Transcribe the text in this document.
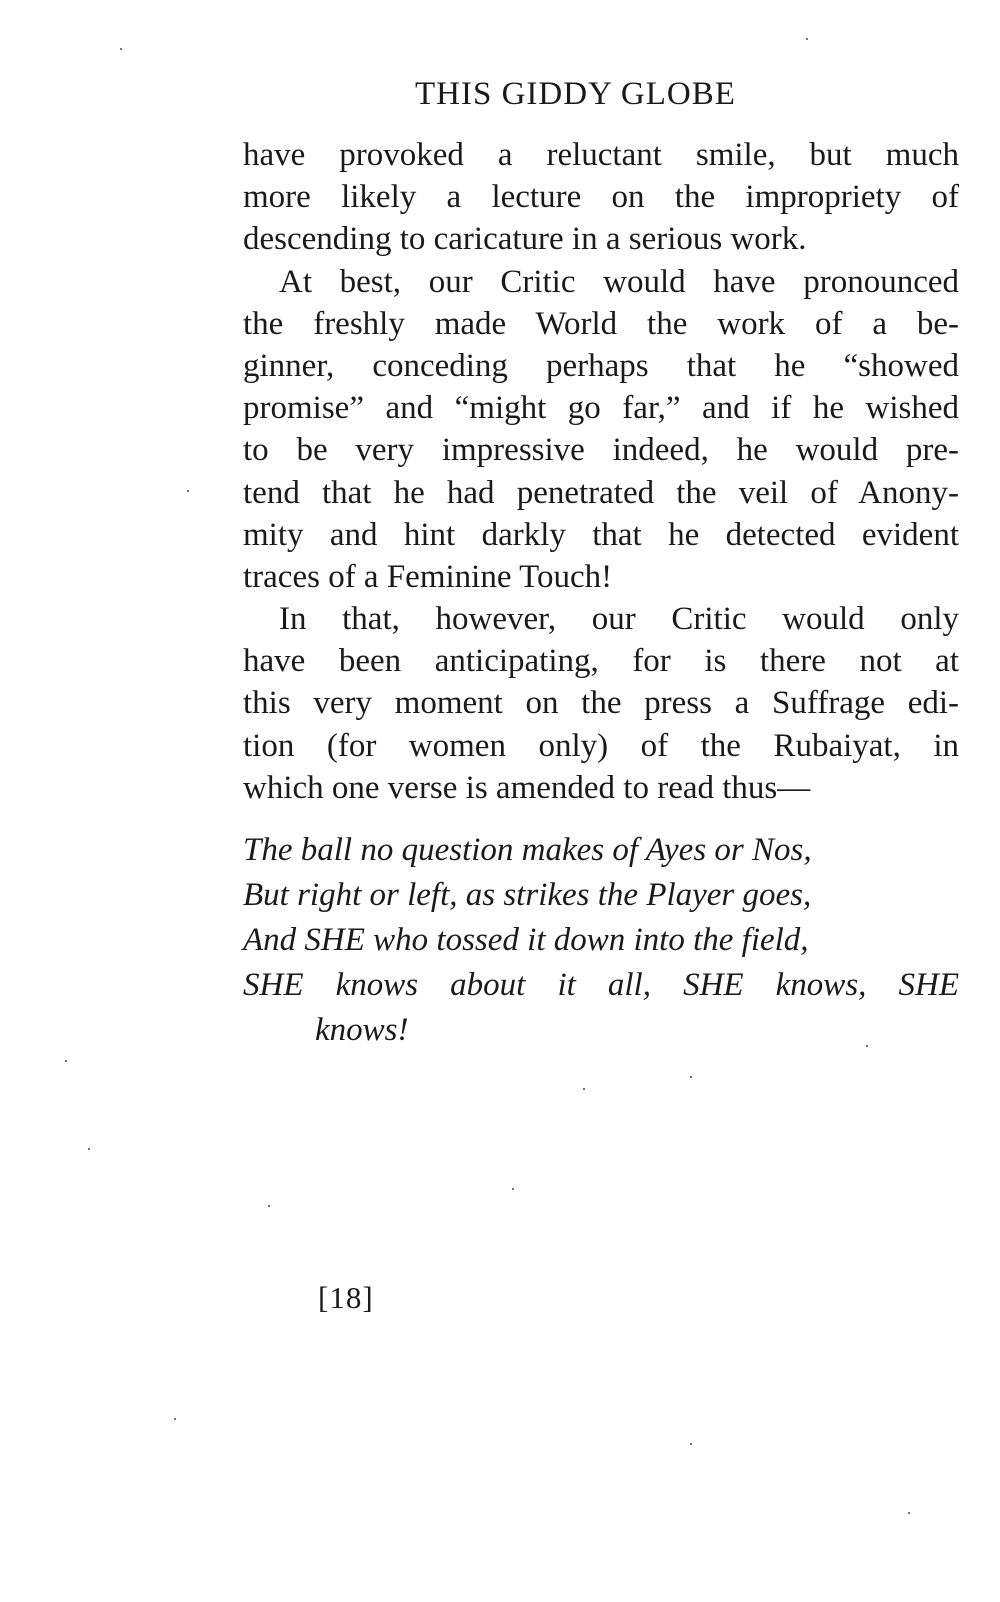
THIS GIDDY GLOBE
have provoked a reluctant smile, but much
more likely a lecture on the impropriety of
descending to caricature in a serious work.
At best, our Critic would have pronounced
the freshly made World the work of a be-
ginner, conceding perhaps that he “showed
promise” and “might go far,” and if he wished
to be very impressive indeed, he would pre-
tend that he had penetrated the veil of Anony-
mity and hint darkly that he detected evident
traces of a Feminine Touch!
In that, however, our Critic would only
have been anticipating, for is there not at
this very moment on the press a Suffrage edi-
tion (for women only) of the Rubaiyat, in
which one verse is amended to read thus—
The ball no question makes of Ayes or Nos,
But right or left, as strikes the Player goes,
And SHE who tossed it down into the field,
SHE knows about it all, SHE knows, SHE
knows!
[18]
